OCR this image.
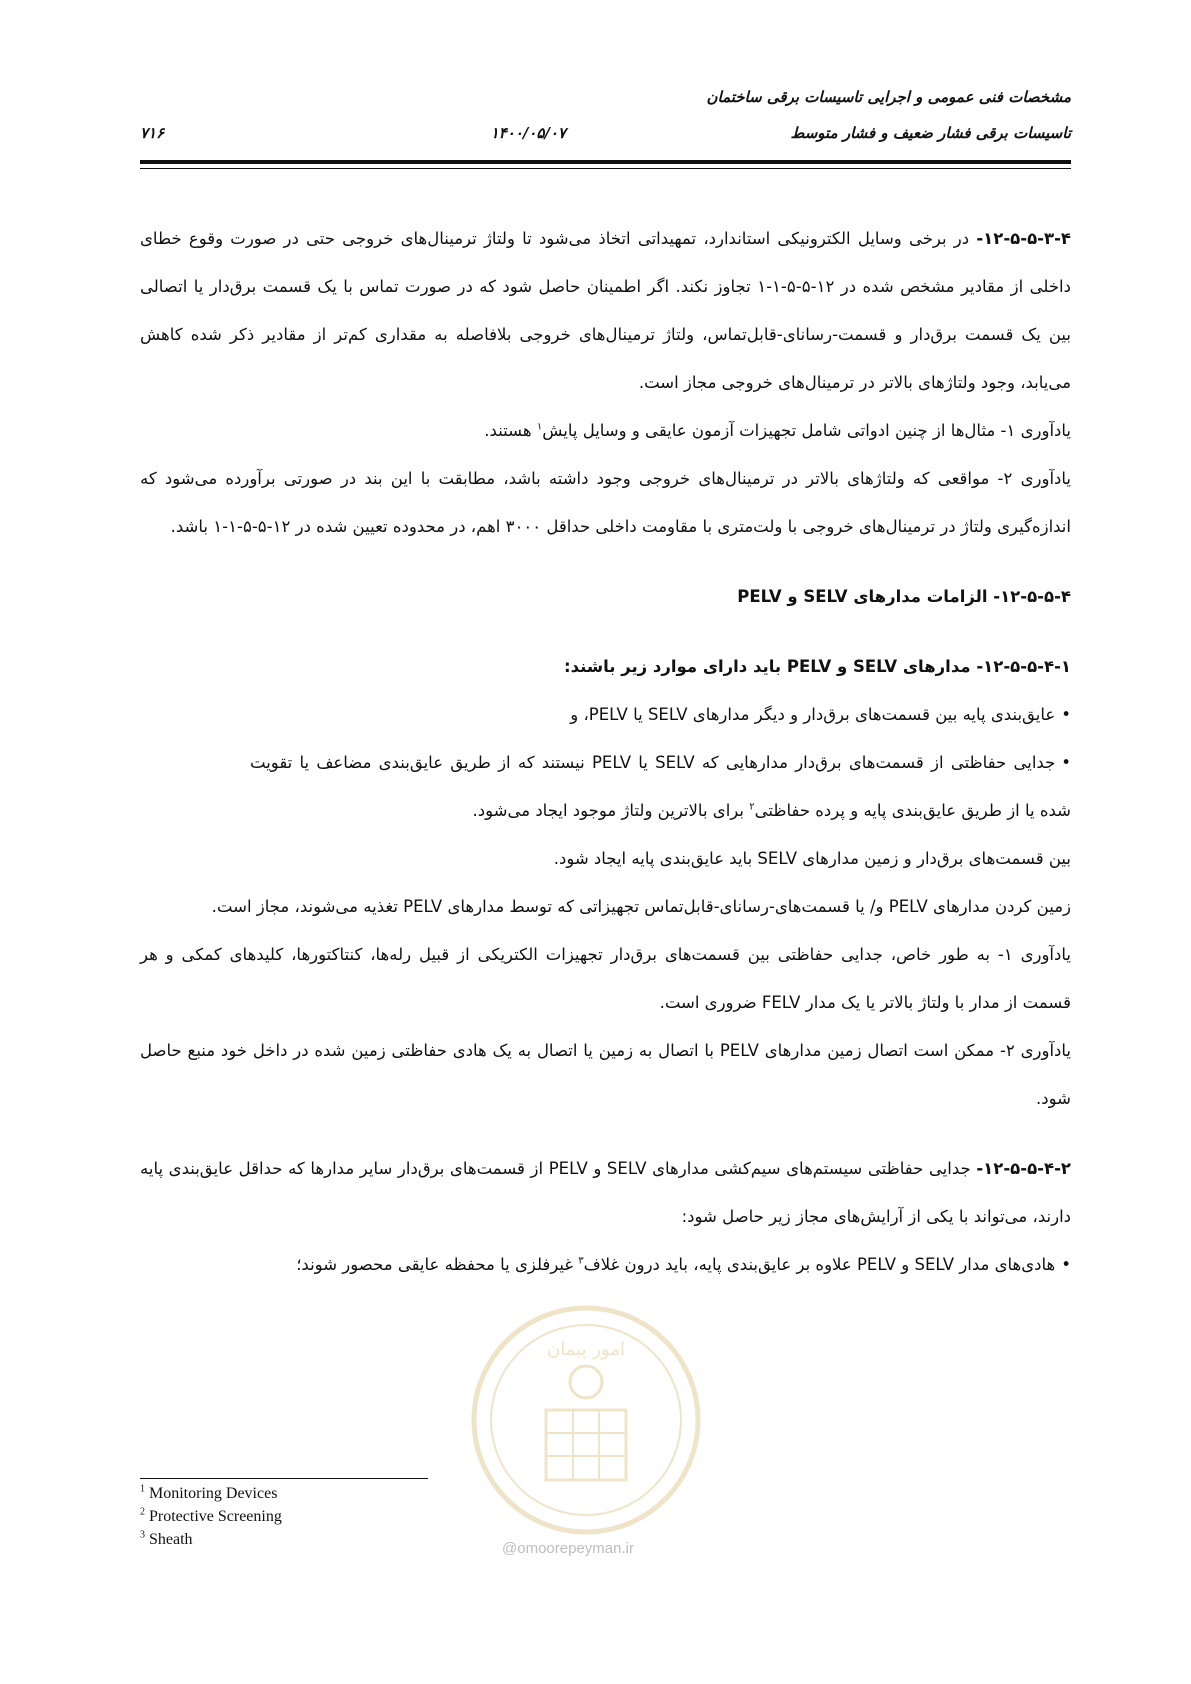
مشخصات فنی عمومی و اجرایی تاسیسات برقی ساختمان
تاسیسات برقی فشار ضعیف و فشار متوسط
۱۴۰۰/۰۵/۰۷
۷۱۶

۱۲-۵-۵-۳-۴- در برخی وسایل الکترونیکی استاندارد، تمهیداتی اتخاذ می‌شود تا ولتاژ ترمینال‌های خروجی حتی در صورت وقوع خطای داخلی از مقادیر مشخص شده در ۱۲-۵-۵-۱-۱ تجاوز نکند. اگر اطمینان حاصل شود که در صورت تماس با یک قسمت برق‌دار یا اتصالی بین یک قسمت برق‌دار و قسمت-رسانای-قابل‌تماس، ولتاژ ترمینال‌های خروجی بلافاصله به مقداری کم‌تر از مقادیر ذکر شده کاهش می‌یابد، وجود ولتاژهای بالاتر در ترمینال‌های خروجی مجاز است.

یادآوری ۱- مثال‌ها از چنین ادواتی شامل تجهیزات آزمون عایقی و وسایل پایش$^۱$ هستند.

یادآوری ۲- مواقعی که ولتاژهای بالاتر در ترمینال‌های خروجی وجود داشته باشد، مطابقت با این بند در صورتی برآورده می‌شود که اندازه‌گیری ولتاژ در ترمینال‌های خروجی با ولت‌متری با مقاومت داخلی حداقل ۳۰۰۰ اهم، در محدوده تعیین شده در ۱۲-۵-۵-۱-۱ باشد.

۱۲-۵-۵-۴- الزامات مدارهای SELV و PELV

۱۲-۵-۵-۴-۱- مدارهای SELV و PELV باید دارای موارد زیر باشند:

•عایق‌بندی پایه بین قسمت‌های برق‌دار و دیگر مدارهای SELV یا PELV، و

•جدایی حفاظتی از قسمت‌های برق‌دار مدارهایی که SELV یا PELV نیستند که از طریق عایق‌بندی مضاعف یا تقویت شده یا از طریق عایق‌بندی پایه و پرده حفاظتی$^۲$ برای بالاترین ولتاژ موجود ایجاد می‌شود.

بین قسمت‌های برق‌دار و زمین مدارهای SELV باید عایق‌بندی پایه ایجاد شود.

زمین کردن مدارهای PELV و/ یا قسمت‌های-رسانای-قابل‌تماس تجهیزاتی که توسط مدارهای PELV تغذیه می‌شوند، مجاز است.

یادآوری ۱- به طور خاص، جدایی حفاظتی بین قسمت‌های برق‌دار تجهیزات الکتریکی از قبیل رله‌ها، کنتاکتورها، کلیدهای کمکی و هر قسمت از مدار با ولتاژ بالاتر یا یک مدار FELV ضروری است.

یادآوری ۲- ممکن است اتصال زمین مدارهای PELV با اتصال به زمین یا اتصال به یک هادی حفاظتی زمین شده در داخل خود منبع حاصل شود.

۱۲-۵-۵-۴-۲- جدایی حفاظتی سیستم‌های سیم‌کشی مدارهای SELV و PELV از قسمت‌های برق‌دار سایر مدارها که حداقل عایق‌بندی پایه دارند، می‌تواند با یکی از آرایش‌های مجاز زیر حاصل شود:

•هادی‌های مدار SELV و PELV علاوه بر عایق‌بندی پایه، باید درون غلاف$^۳$ غیرفلزی یا محفظه عایقی محصور شوند؛

امور پیمان
@omoorepeyman.ir
$^1$ Monitoring Devices
$^2$ Protective Screening
$^3$ Sheath
